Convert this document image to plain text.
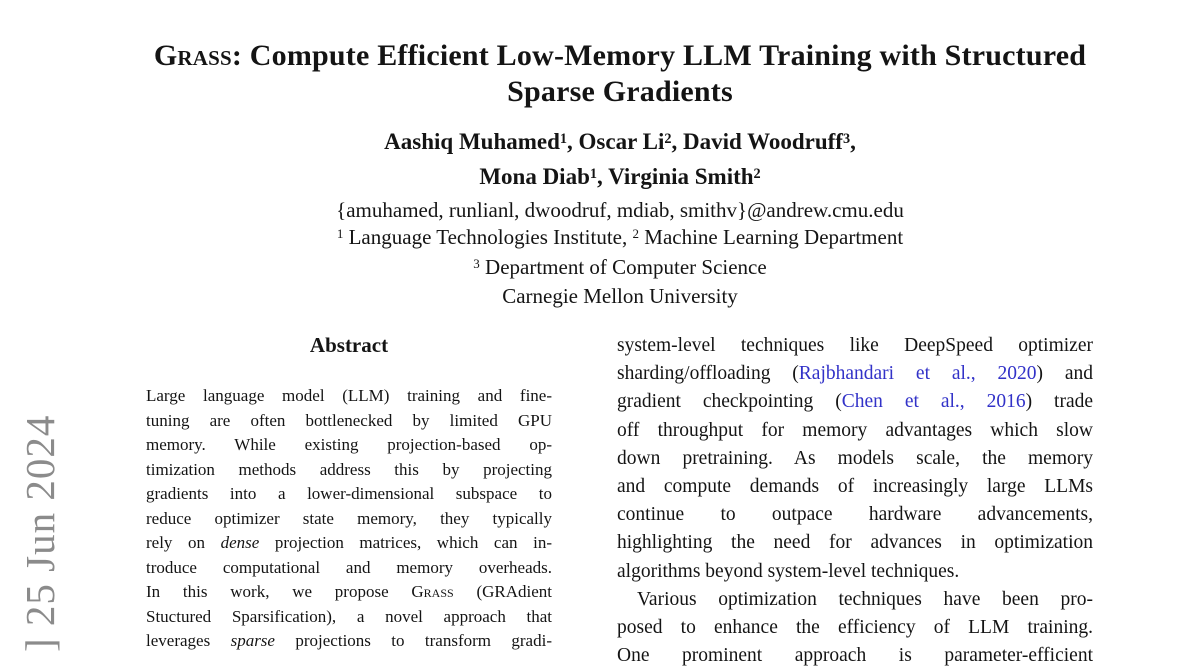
] 25 Jun 2024
Grass: Compute Efficient Low-Memory LLM Training with Structured
Sparse Gradients
Aashiq Muhamed$^1$, Oscar Li$^2$, David Woodruff$^3$,
Mona Diab$^1$, Virginia Smith$^2$
{amuhamed, runlianl, dwoodruf, mdiab, smithv}@andrew.cmu.edu
$^1$ Language Technologies Institute, $^2$ Machine Learning Department
$^3$ Department of Computer Science
Carnegie Mellon University
Abstract
Large language model (LLM) training and fine-
tuning are often bottlenecked by limited GPU
memory. While existing projection-based op-
timization methods address this by projecting
gradients into a lower-dimensional subspace to
reduce optimizer state memory, they typically
rely on dense projection matrices, which can in-
troduce computational and memory overheads.
In this work, we propose Grass (GRAdient
Stuctured Sparsification), a novel approach that
leverages sparse projections to transform gradi-
system-level techniques like DeepSpeed optimizer
sharding/offloading (Rajbhandari et al., 2020) and
gradient checkpointing (Chen et al., 2016) trade
off throughput for memory advantages which slow
down pretraining. As models scale, the memory
and compute demands of increasingly large LLMs
continue to outpace hardware advancements,
highlighting the need for advances in optimization
algorithms beyond system-level techniques.
Various optimization techniques have been pro-
posed to enhance the efficiency of LLM training.
One prominent approach is parameter-efficient
